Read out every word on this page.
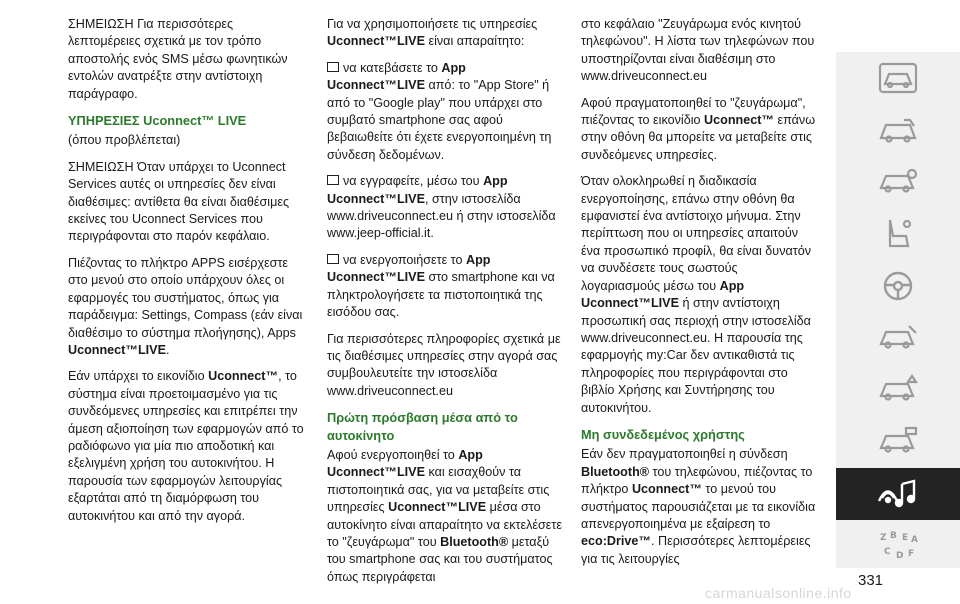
ΣΗΜΕΙΩΣΗ Για περισσότερες λεπτομέρειες σχετικά με τον τρόπο αποστολής ενός SMS μέσω φωνητικών εντολών ανατρέξτε στην αντίστοιχη παράγραφο.

ΥΠΗΡΕΣΙΕΣ Uconnect™ LIVE

(όπου προβλέπεται)

ΣΗΜΕΙΩΣΗ Όταν υπάρχει το Uconnect Services αυτές οι υπηρεσίες δεν είναι διαθέσιμες: αντίθετα θα είναι διαθέσιμες εκείνες του Uconnect Services που περιγράφονται στο παρόν κεφάλαιο.

Πιέζοντας το πλήκτρο APPS εισέρχεστε στο μενού στο οποίο υπάρχουν όλες οι εφαρμογές του συστήματος, όπως για παράδειγμα: Settings, Compass (εάν είναι διαθέσιμο το σύστημα πλοήγησης), Apps Uconnect™LIVE.

Εάν υπάρχει το εικονίδιο Uconnect™, το σύστημα είναι προετοιμασμένο για τις συνδεόμενες υπηρεσίες και επιτρέπει την άμεση αξιοποίηση των εφαρμογών από το ραδιόφωνο για μία πιο αποδοτική και εξελιγμένη χρήση του αυτοκινήτου. Η παρουσία των εφαρμογών λειτουργίας εξαρτάται από τη διαμόρφωση του αυτοκινήτου και από την αγορά.

Για να χρησιμοποιήσετε τις υπηρεσίες Uconnect™LIVE είναι απαραίτητο:

να κατεβάσετε το App Uconnect™LIVE από: το "App Store" ή από το "Google play" που υπάρχει στο συμβατό smartphone σας αφού βεβαιωθείτε ότι έχετε ενεργοποιημένη τη σύνδεση δεδομένων.

να εγγραφείτε, μέσω του App Uconnect™LIVE, στην ιστοσελίδα www.driveuconnect.eu ή στην ιστοσελίδα www.jeep-official.it.

να ενεργοποιήσετε το App Uconnect™LIVE στο smartphone και να πληκτρολογήσετε τα πιστοποιητικά της εισόδου σας.

Για περισσότερες πληροφορίες σχετικά με τις διαθέσιμες υπηρεσίες στην αγορά σας συμβουλευτείτε την ιστοσελίδα www.driveuconnect.eu

Πρώτη πρόσβαση μέσα από το αυτοκίνητο

Αφού ενεργοποιηθεί το App Uconnect™LIVE και εισαχθούν τα πιστοποιητικά σας, για να μεταβείτε στις υπηρεσίες Uconnect™LIVE μέσα στο αυτοκίνητο είναι απαραίτητο να εκτελέσετε το "ζευγάρωμα" του Bluetooth® μεταξύ του smartphone σας και του συστήματος όπως περιγράφεται

στο κεφάλαιο "Ζευγάρωμα ενός κινητού τηλεφώνου". Η λίστα των τηλεφώνων που υποστηρίζονται είναι διαθέσιμη στο www.driveuconnect.eu

Αφού πραγματοποιηθεί το "ζευγάρωμα", πιέζοντας το εικονίδιο Uconnect™ επάνω στην οθόνη θα μπορείτε να μεταβείτε στις συνδεόμενες υπηρεσίες.

Όταν ολοκληρωθεί η διαδικασία ενεργοποίησης, επάνω στην οθόνη θα εμφανιστεί ένα αντίστοιχο μήνυμα. Στην περίπτωση που οι υπηρεσίες απαιτούν ένα προσωπικό προφίλ, θα είναι δυνατόν να συνδέσετε τους σωστούς λογαριασμούς μέσω του App Uconnect™LIVE ή στην αντίστοιχη προσωπική σας περιοχή στην ιστοσελίδα www.driveuconnect.eu. Η παρουσία της εφαρμογής my:Car δεν αντικαθιστά τις πληροφορίες που περιγράφονται στο βιβλίο Χρήσης και Συντήρησης του αυτοκινήτου.

Μη συνδεδεμένος χρήστης

Εάν δεν πραγματοποιηθεί η σύνδεση Bluetooth® του τηλεφώνου, πιέζοντας το πλήκτρο Uconnect™ το μενού του συστήματος παρουσιάζεται με τα εικονίδια απενεργοποιημένα με εξαίρεση το eco:Drive™. Περισσότερες λεπτομέρειες για τις λειτουργίες

Z B E A
C D F
331
carmanualsonline.info
